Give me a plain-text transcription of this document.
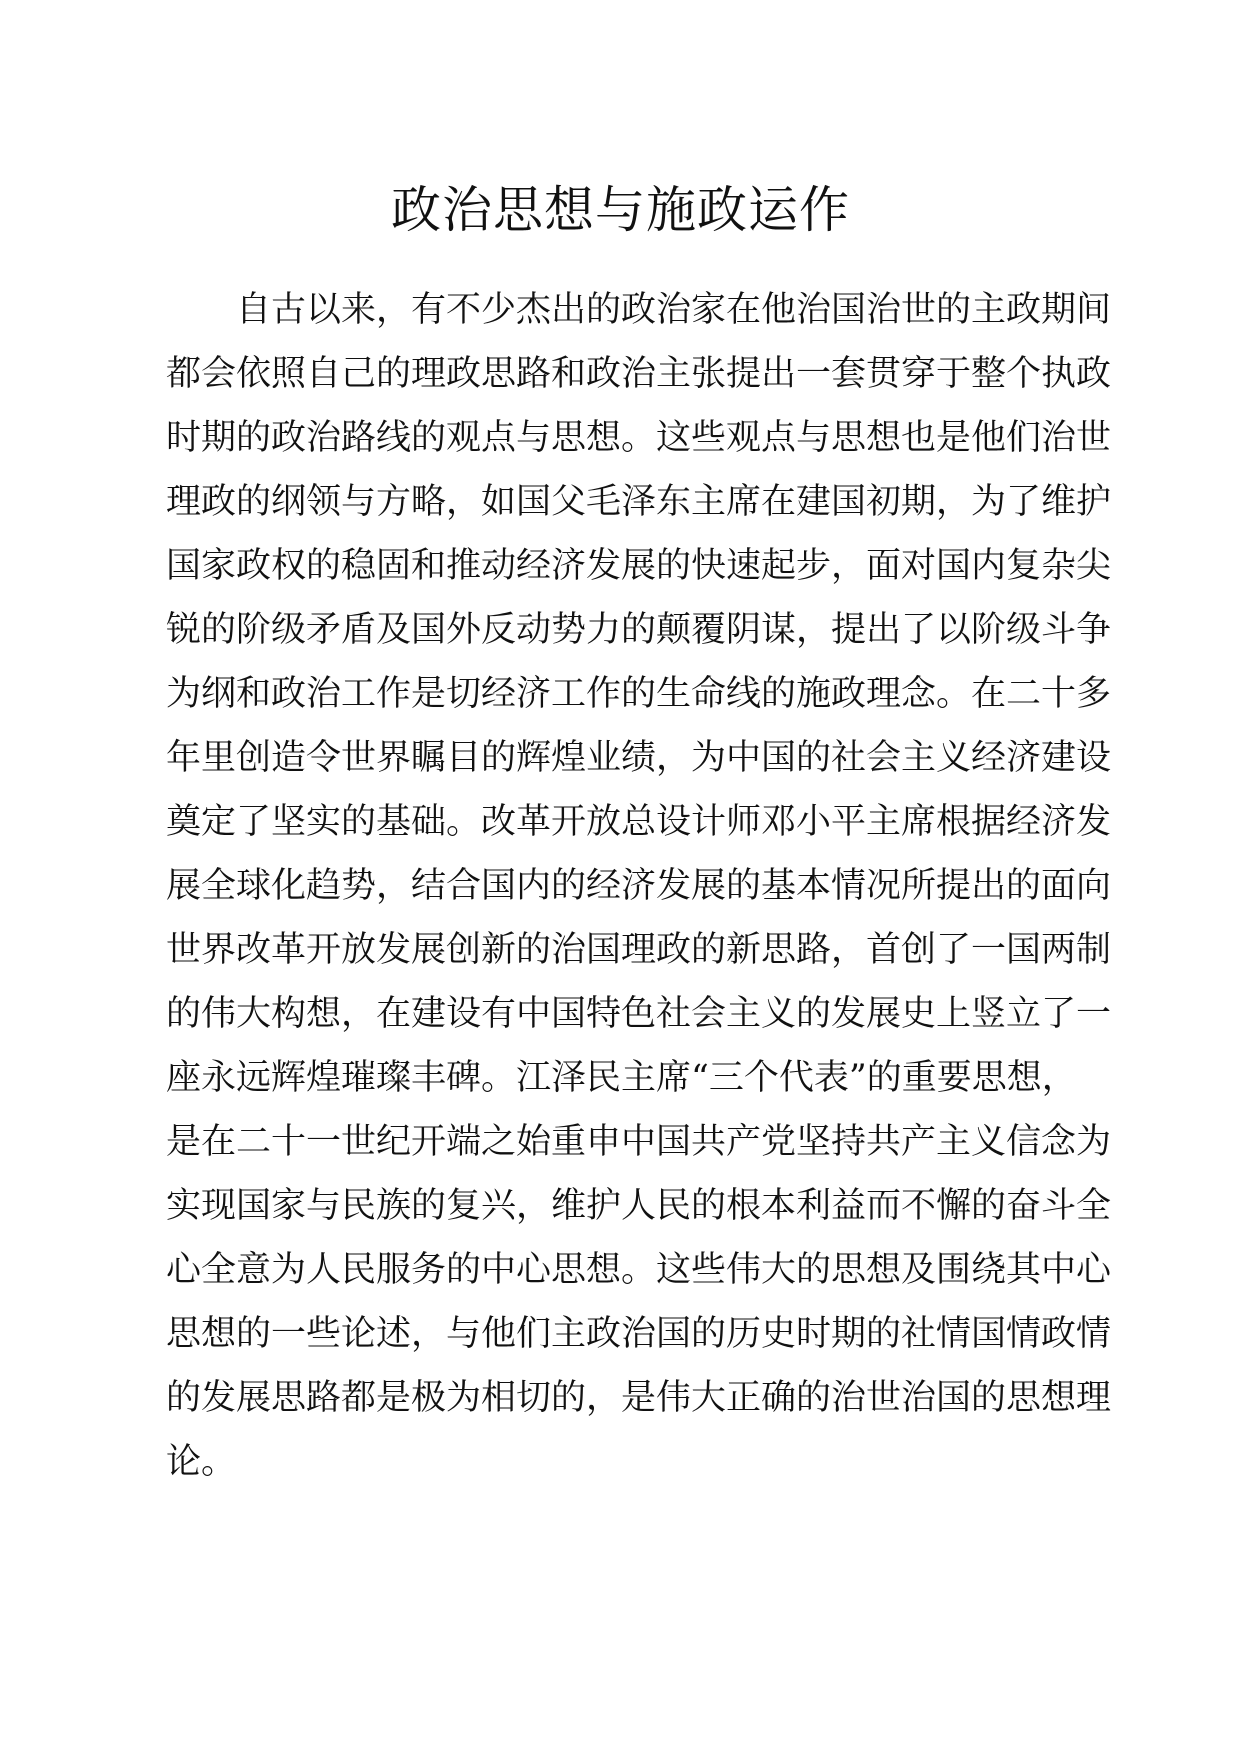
政治思想与施政运作
自古以来，有不少杰出的政治家在他治国治世的主政期间
都会依照自己的理政思路和政治主张提出一套贯穿于整个执政
时期的政治路线的观点与思想。这些观点与思想也是他们治世
理政的纲领与方略，如国父毛泽东主席在建国初期，为了维护
国家政权的稳固和推动经济发展的快速起步，面对国内复杂尖
锐的阶级矛盾及国外反动势力的颠覆阴谋，提出了以阶级斗争
为纲和政治工作是切经济工作的生命线的施政理念。在二十多
年里创造令世界瞩目的辉煌业绩，为中国的社会主义经济建设
奠定了坚实的基础。改革开放总设计师邓小平主席根据经济发
展全球化趋势，结合国内的经济发展的基本情况所提出的面向
世界改革开放发展创新的治国理政的新思路，首创了一国两制
的伟大构想，在建设有中国特色社会主义的发展史上竖立了一
座永远辉煌璀璨丰碑。江泽民主席“三个代表”的重要思想，
是在二十一世纪开端之始重申中国共产党坚持共产主义信念为
实现国家与民族的复兴，维护人民的根本利益而不懈的奋斗全
心全意为人民服务的中心思想。这些伟大的思想及围绕其中心
思想的一些论述，与他们主政治国的历史时期的社情国情政情
的发展思路都是极为相切的，是伟大正确的治世治国的思想理
论。
